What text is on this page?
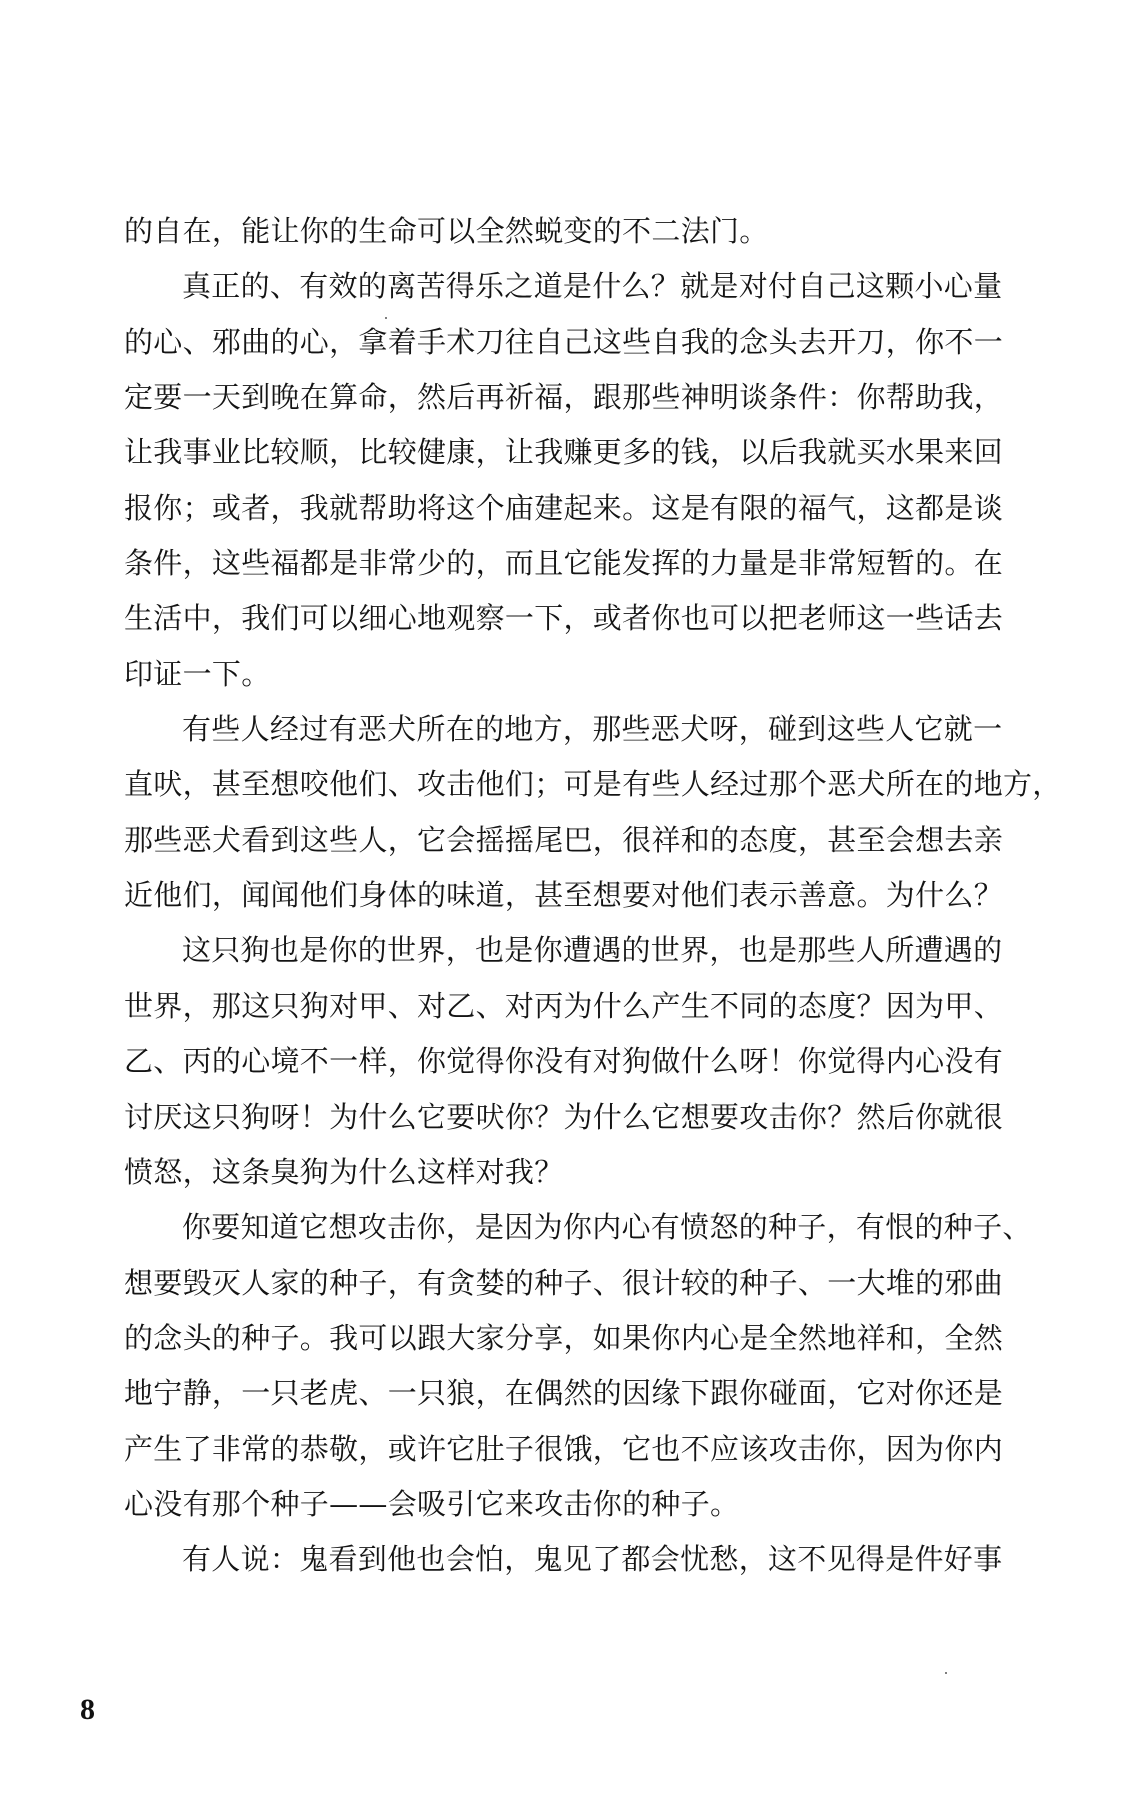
的自在，能让你的生命可以全然蜕变的不二法门。
真正的、有效的离苦得乐之道是什么？就是对付自己这颗小心量
的心、邪曲的心，拿着手术刀往自己这些自我的念头去开刀，你不一
定要一天到晚在算命，然后再祈福，跟那些神明谈条件：你帮助我，
让我事业比较顺，比较健康，让我赚更多的钱，以后我就买水果来回
报你；或者，我就帮助将这个庙建起来。这是有限的福气，这都是谈
条件，这些福都是非常少的，而且它能发挥的力量是非常短暂的。在
生活中，我们可以细心地观察一下，或者你也可以把老师这一些话去
印证一下。
有些人经过有恶犬所在的地方，那些恶犬呀，碰到这些人它就一
直吠，甚至想咬他们、攻击他们；可是有些人经过那个恶犬所在的地方，
那些恶犬看到这些人，它会摇摇尾巴，很祥和的态度，甚至会想去亲
近他们，闻闻他们身体的味道，甚至想要对他们表示善意。为什么？
这只狗也是你的世界，也是你遭遇的世界，也是那些人所遭遇的
世界，那这只狗对甲、对乙、对丙为什么产生不同的态度？因为甲、
乙、丙的心境不一样，你觉得你没有对狗做什么呀！你觉得内心没有
讨厌这只狗呀！为什么它要吠你？为什么它想要攻击你？然后你就很
愤怒，这条臭狗为什么这样对我？
你要知道它想攻击你，是因为你内心有愤怒的种子，有恨的种子、
想要毁灭人家的种子，有贪婪的种子、很计较的种子、一大堆的邪曲
的念头的种子。我可以跟大家分享，如果你内心是全然地祥和，全然
地宁静，一只老虎、一只狼，在偶然的因缘下跟你碰面，它对你还是
产生了非常的恭敬，或许它肚子很饿，它也不应该攻击你，因为你内
心没有那个种子——会吸引它来攻击你的种子。
有人说：鬼看到他也会怕，鬼见了都会忧愁，这不见得是件好事
8
